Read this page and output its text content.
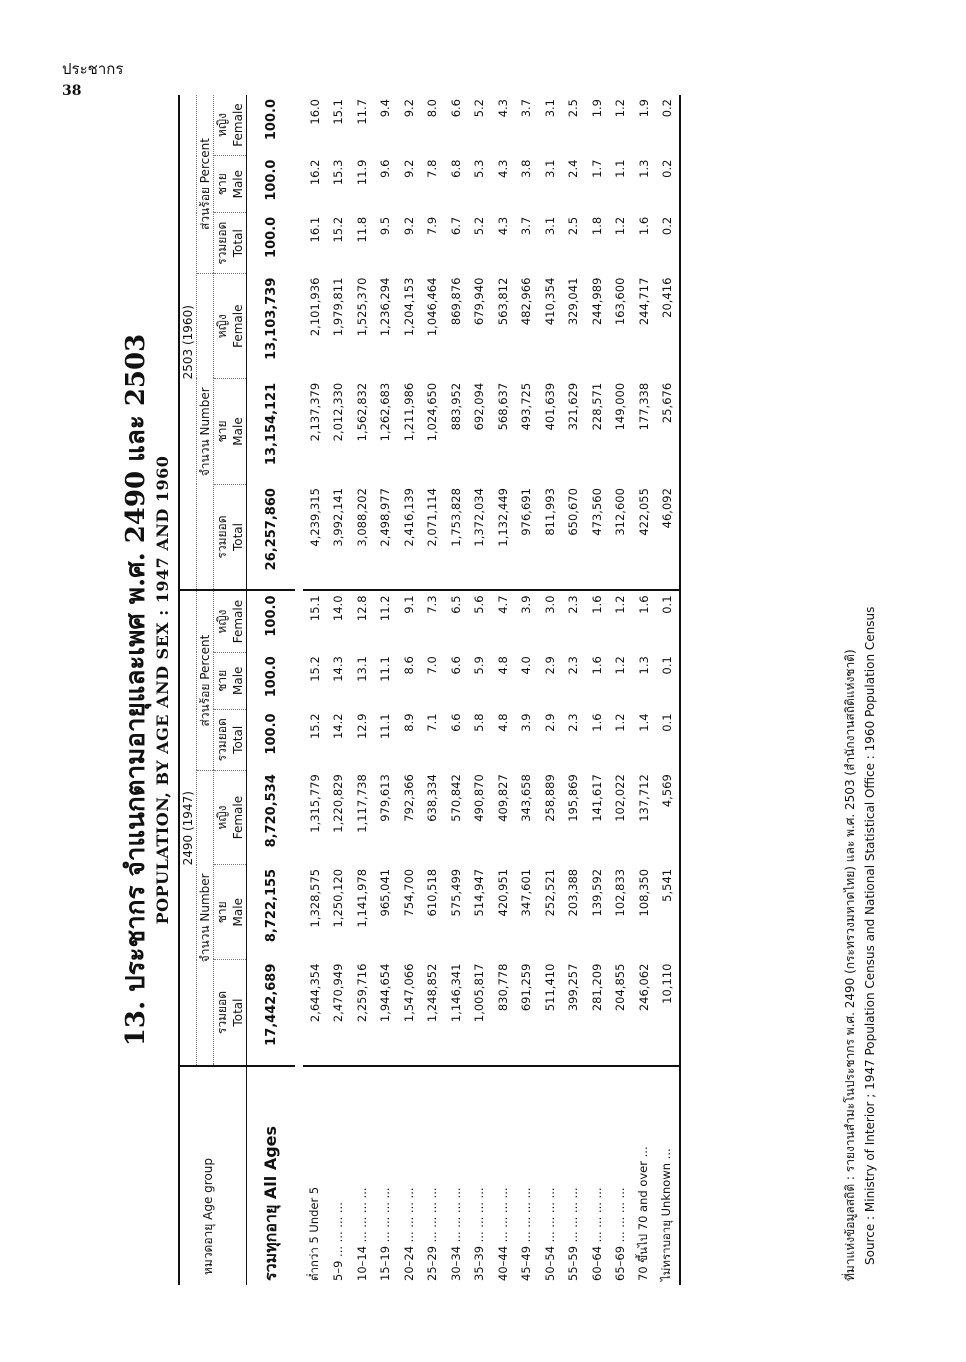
ประชากร
38
13. ประชากร จำแนกตามอายุและเพศ พ.ศ. 2490 และ 2503 POPULATION, BY AGE AND SEX : 1947 AND 1960
หมวดอายุ Age group	2490 (1947)						2503 (1960)					
	จำนวน Number			ส่วนร้อย Percent			จำนวน Number			ส่วนร้อย Percent		

	รวมยอด Total	ชาย Male	หญิง Female	รวมยอด Total	ชาย Male	หญิง Female	รวมยอด Total	ชาย Male	หญิง Female	รวมยอด Total	ชาย Male	หญิง Female

รวมทุกอายุ All Ages	17,442,689	8,722,155	8,720,534	100.0	100.0	100.0	26,257,860	13,154,121	13,103,739	100.0	100.0	100.0

ต่ำกว่า 5 Under 5	2,644,354	1,328,575	1,315,779	15.2	15.2	15.1	4,239,315	2,137,379	2,101,936	16.1	16.2	16.0
5–9 ... ... ... ...	2,470,949	1,250,120	1,220,829	14.2	14.3	14.0	3,992,141	2,012,330	1,979,811	15.2	15.3	15.1
10–14 ... ... ... ...	2,259,716	1,141,978	1,117,738	12.9	13.1	12.8	3,088,202	1,562,832	1,525,370	11.8	11.9	11.7
15–19 ... ... ... ...	1,944,654	965,041	979,613	11.1	11.1	11.2	2,498,977	1,262,683	1,236,294	9.5	9.6	9.4
20–24 ... ... ... ...	1,547,066	754,700	792,366	8.9	8.6	9.1	2,416,139	1,211,986	1,204,153	9.2	9.2	9.2
25–29 ... ... ... ...	1,248,852	610,518	638,334	7.1	7.0	7.3	2,071,114	1,024,650	1,046,464	7.9	7.8	8.0
30–34 ... ... ... ...	1,146,341	575,499	570,842	6.6	6.6	6.5	1,753,828	883,952	869,876	6.7	6.8	6.6
35–39 ... ... ... ...	1,005,817	514,947	490,870	5.8	5.9	5.6	1,372,034	692,094	679,940	5.2	5.3	5.2
40–44 ... ... ... ...	830,778	420,951	409,827	4.8	4.8	4.7	1,132,449	568,637	563,812	4.3	4.3	4.3
45–49 ... ... ... ...	691,259	347,601	343,658	3.9	4.0	3.9	976,691	493,725	482,966	3.7	3.8	3.7
50–54 ... ... ... ...	511,410	252,521	258,889	2.9	2.9	3.0	811,993	401,639	410,354	3.1	3.1	3.1
55–59 ... ... ... ...	399,257	203,388	195,869	2.3	2.3	2.3	650,670	321,629	329,041	2.5	2.4	2.5
60–64 ... ... ... ...	281,209	139,592	141,617	1.6	1.6	1.6	473,560	228,571	244,989	1.8	1.7	1.9
65–69 ... ... ... ...	204,855	102,833	102,022	1.2	1.2	1.2	312,600	149,000	163,600	1.2	1.1	1.2
70 ขึ้นไป 70 and over ...	246,062	108,350	137,712	1.4	1.3	1.6	422,055	177,338	244,717	1.6	1.3	1.9
ไม่ทราบอายุ Unknown ...	10,110	5,541	4,569	0.1	0.1	0.1	46,092	25,676	20,416	0.2	0.2	0.2
ที่มาแห่งข้อมูลสถิติ : รายงานสำมะโนประชากร พ.ศ. 2490 (กระทรวงมหาดไทย) และ พ.ศ. 2503 (สำนักงานสถิติแห่งชาติ) Source : Ministry of Interior ; 1947 Population Census and National Statistical Office : 1960 Population Census
